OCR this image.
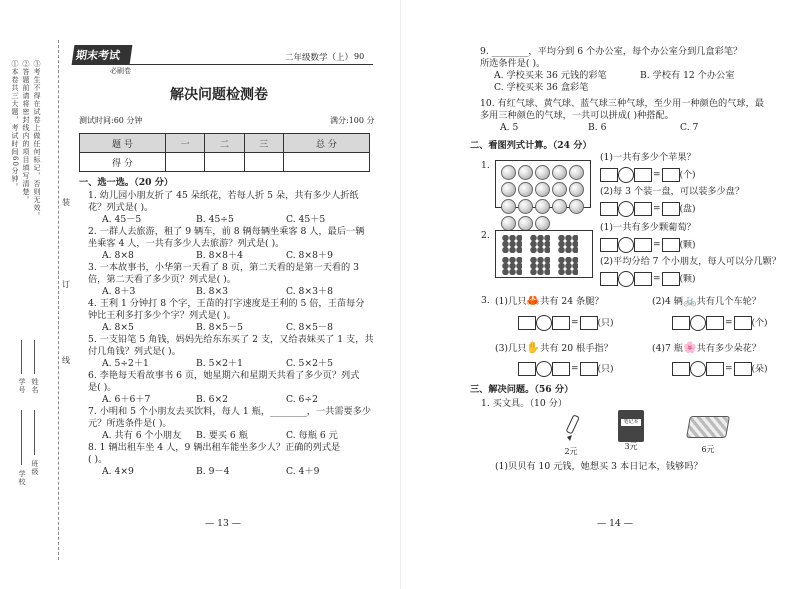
①本卷共三大题，考试时间60分钟。 ②答题前请将密封线内的项目填写清楚。 ③考生不得在试卷上做任何标记，否则无效。	装
订
线
学校
班级
姓名
学号
期末考试
必刷卷
二年级数学（上） 90
解决问题检测卷
测试时间:60 分钟	满分:100 分
题 号	一	二	三	总 分
得 分				
一、选一选。（20 分）
1. 幼儿园小朋友折了 45 朵纸花，若每人折 5 朵，共有多少人折纸
花？列式是( )。
A. 45－5	B. 45÷5	C. 45＋5
2. 一群人去旅游，租了 9 辆车，前 8 辆每辆坐乘客 8 人，最后一辆
坐乘客 4 人，一共有多少人去旅游？列式是( )。
A. 8×8	B. 8×8＋4	C. 8×8＋9
3. 一本故事书，小华第一天看了 8 页，第二天看的是第一天看的 3
倍，第二天看了多少页？列式是( )。
A. 8＋3	B. 8×3	C. 8×3＋8
4. 王利 1 分钟打 8 个字，王苗的打字速度是王利的 5 倍，王苗每分
钟比王利多打多少个字？列式是( )。
A. 8×5	B. 8×5－5	C. 8×5－8
5. 一支铅笔 5 角钱，妈妈先给东东买了 2 支，又给表妹买了 1 支，共
付几角钱？列式是( )。
A. 5÷2＋1	B. 5×2＋1	C. 5×2＋5
6. 李艳每天看故事书 6 页，她星期六和星期天共看了多少页？列式
是( )。
A. 6＋6＋7	B. 6×2	C. 6÷2
7. 小明和 5 个小朋友去买饮料，每人 1 瓶，________，一共需要多少
元？所选条件是( )。
A. 共有 6 个小朋友 B. 要买 6 瓶	C. 每瓶 6 元
8. 1 辆出租车坐 4 人，9 辆出租车能坐多少人？正确的列式是
( )。
A. 4×9	B. 9－4	C. 4＋9
— 13 —
9. ________，平均分到 6 个办公室，每个办公室分到几盒彩笔？
所选条件是( )。
A. 学校买来 36 元钱的彩笔	B. 学校有 12 个办公室
C. 学校买来 36 盒彩笔
10. 有红气球、黄气球、蓝气球三种气球，至少用一种颜色的气球，最
多用三种颜色的气球，一共可以拼成( )种搭配。
A. 5	B. 6	C. 7
二、看图列式计算。（24 分）
1.
(1)一共有多少个苹果？
= (个)
(2)每 3 个装一盘，可以装多少盘？
= (盘)
2.
(1)一共有多少颗葡萄？
= (颗)
(2)平均分给 7 个小朋友，每人可以分几颗？
= (颗)
3. (1)几只🦀共有 24 条腿？
= (只)
(2)4 辆🚲共有几个车轮？
= (个)
(3)几只✋共有 20 根手指？
= (只)
(4)7 瓶🌸共有多少朵花？
= (朵)
三、解决问题。（56 分）
1. 买文具。（10 分）
2元
笔记本
3元	6元
(1)贝贝有 10 元钱，她想买 3 本日记本，钱够吗？
— 14 —
